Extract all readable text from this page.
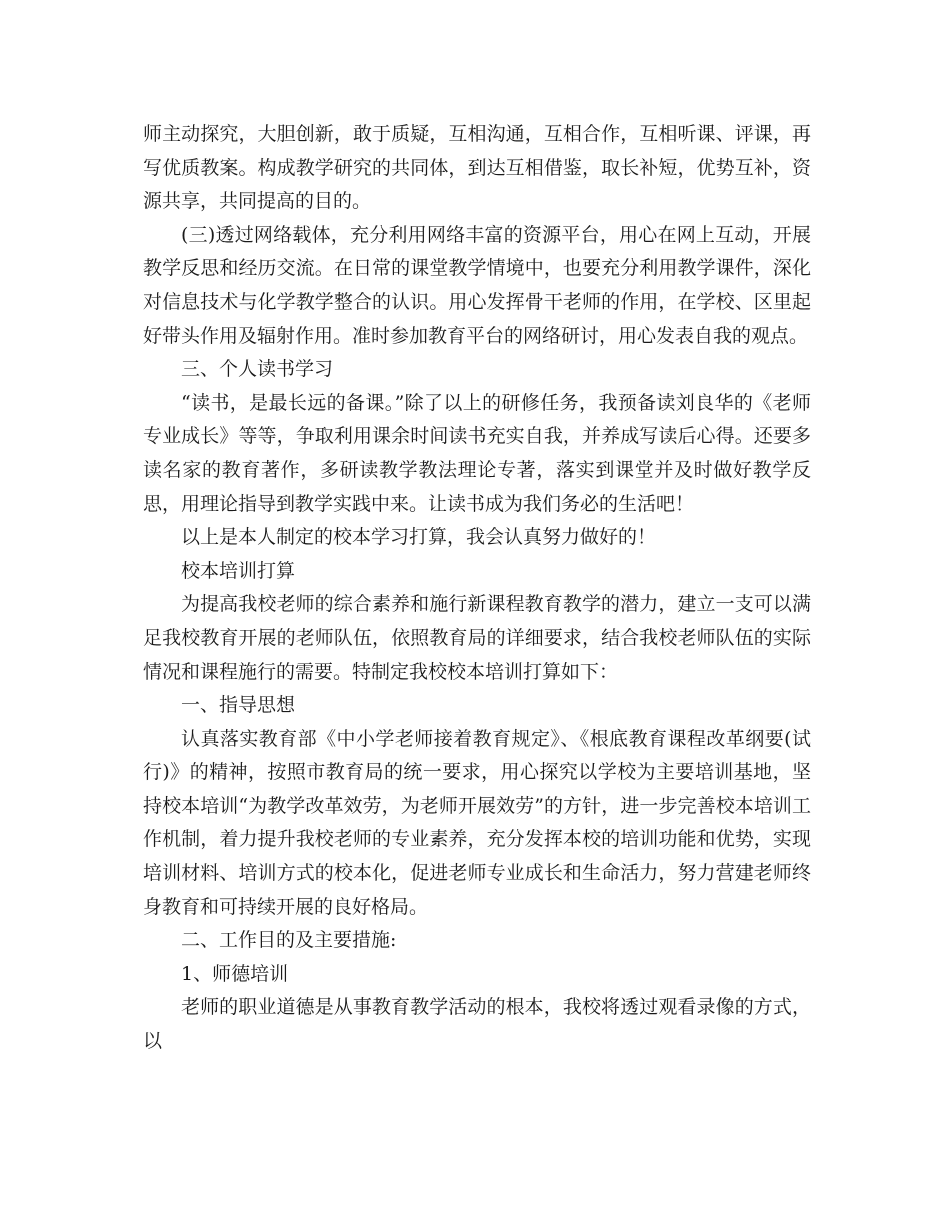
师主动探究，大胆创新，敢于质疑，互相沟通，互相合作，互相听课、评课，再写优质教案。构成教学研究的共同体，到达互相借鉴，取长补短，优势互补，资源共享，共同提高的目的。

(三)透过网络载体，充分利用网络丰富的资源平台，用心在网上互动，开展教学反思和经历交流。在日常的课堂教学情境中，也要充分利用教学课件，深化对信息技术与化学教学整合的认识。用心发挥骨干老师的作用，在学校、区里起好带头作用及辐射作用。准时参加教育平台的网络研讨，用心发表自我的观点。

三、个人读书学习

“读书，是最长远的备课。”除了以上的研修任务，我预备读刘良华的《老师专业成长》等等，争取利用课余时间读书充实自我，并养成写读后心得。还要多读名家的教育著作，多研读教学教法理论专著，落实到课堂并及时做好教学反思，用理论指导到教学实践中来。让读书成为我们务必的生活吧！

以上是本人制定的校本学习打算，我会认真努力做好的！

校本培训打算

为提高我校老师的综合素养和施行新课程教育教学的潜力，建立一支可以满足我校教育开展的老师队伍，依照教育局的详细要求，结合我校老师队伍的实际情况和课程施行的需要。特制定我校校本培训打算如下：

一、指导思想

认真落实教育部《中小学老师接着教育规定》、《根底教育课程改革纲要(试行)》的精神，按照市教育局的统一要求，用心探究以学校为主要培训基地，坚持校本培训“为教学改革效劳，为老师开展效劳”的方针，进一步完善校本培训工作机制，着力提升我校老师的专业素养，充分发挥本校的培训功能和优势，实现培训材料、培训方式的校本化，促进老师专业成长和生命活力，努力营建老师终身教育和可持续开展的良好格局。

二、工作目的及主要措施:

1、师德培训

老师的职业道德是从事教育教学活动的根本，我校将透过观看录像的方式，以
